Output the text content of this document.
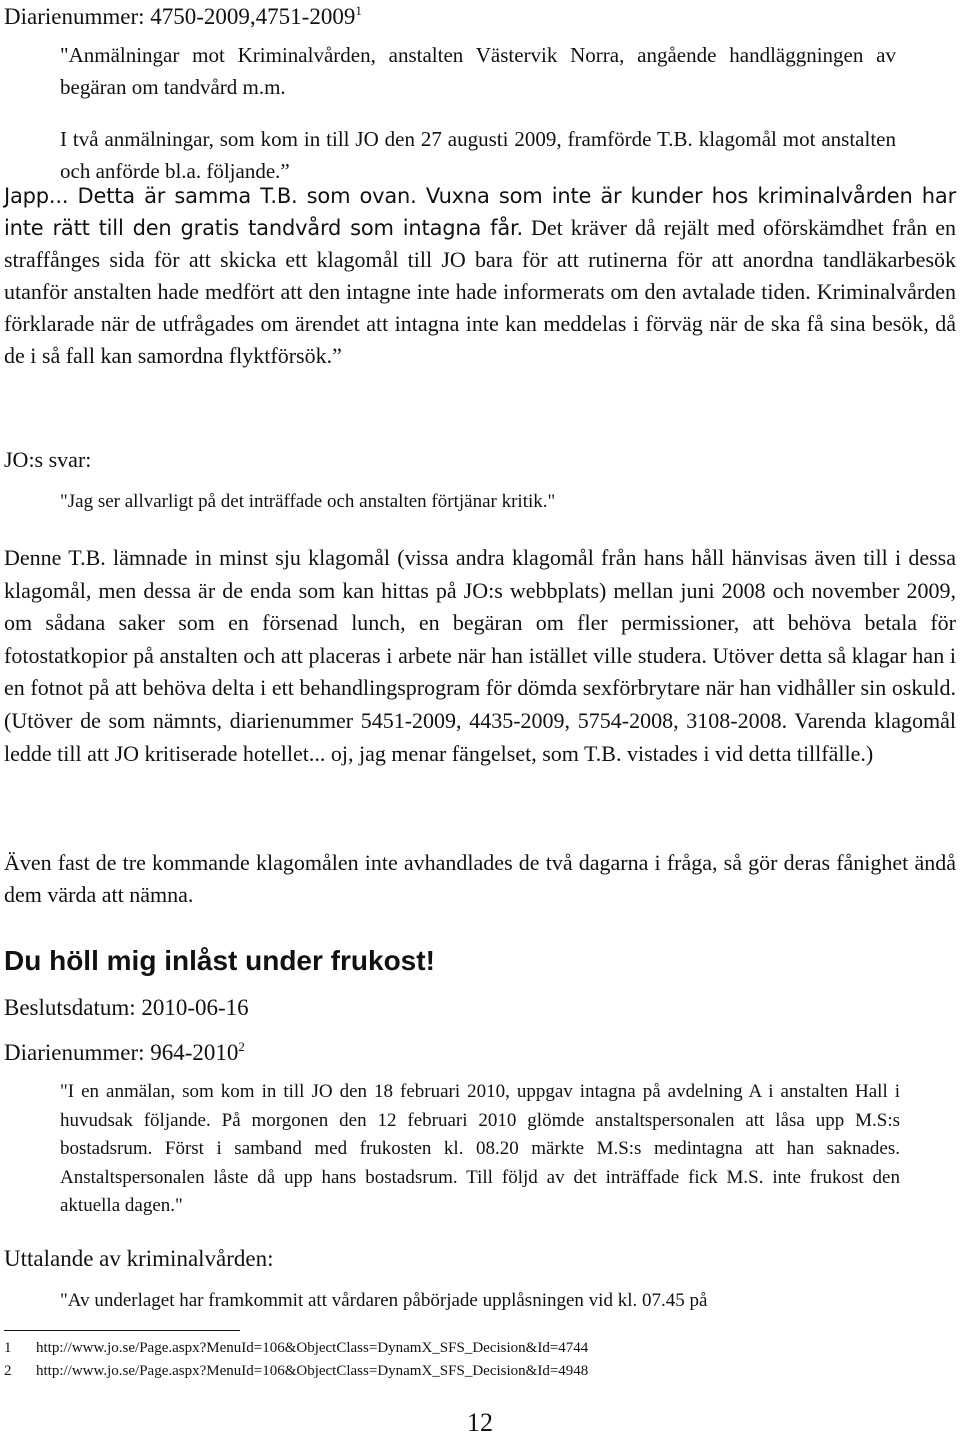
Diarienummer: 4750-2009,4751-2009$^1$

"Anmälningar mot Kriminalvården, anstalten Västervik Norra, angående handläggningen av begäran om tandvård m.m.

I två anmälningar, som kom in till JO den 27 augusti 2009, framförde T.B. klagomål mot anstalten och anförde bl.a. följande.”

Japp... Detta är samma T.B. som ovan. Vuxna som inte är kunder hos kriminalvården har inte rätt till den gratis tandvård som intagna får. Det kräver då rejält med oförskämdhet från en straffånges sida för att skicka ett klagomål till JO bara för att rutinerna för att anordna tandläkarbesök utanför anstalten hade medfört att den intagne inte hade informerats om den avtalade tiden. Kriminalvården förklarade när de utfrågades om ärendet att intagna inte kan meddelas i förväg när de ska få sina besök, då de i så fall kan samordna flyktförsök.”

JO:s svar:

"Jag ser allvarligt på det inträffade och anstalten förtjänar kritik."

Denne T.B. lämnade in minst sju klagomål (vissa andra klagomål från hans håll hänvisas även till i dessa klagomål, men dessa är de enda som kan hittas på JO:s webbplats) mellan juni 2008 och november 2009, om sådana saker som en försenad lunch, en begäran om fler permissioner, att behöva betala för fotostatkopior på anstalten och att placeras i arbete när han istället ville studera. Utöver detta så klagar han i en fotnot på att behöva delta i ett behandlingsprogram för dömda sexförbrytare när han vidhåller sin oskuld. (Utöver de som nämnts, diarienummer 5451-2009, 4435-2009, 5754-2008, 3108-2008. Varenda klagomål ledde till att JO kritiserade hotellet... oj, jag menar fängelset, som T.B. vistades i vid detta tillfälle.)

Även fast de tre kommande klagomålen inte avhandlades de två dagarna i fråga, så gör deras fånighet ändå dem värda att nämna.

Du höll mig inlåst under frukost!

Beslutsdatum: 2010-06-16

Diarienummer: 964-2010$^2$

"I en anmälan, som kom in till JO den 18 februari 2010, uppgav intagna på avdelning A i anstalten Hall i huvudsak följande. På morgonen den 12 februari 2010 glömde anstaltspersonalen att låsa upp M.S:s bostadsrum. Först i samband med frukosten kl. 08.20 märkte M.S:s medintagna att han saknades. Anstaltspersonalen låste då upp hans bostadsrum. Till följd av det inträffade fick M.S. inte frukost den aktuella dagen."

Uttalande av kriminalvården:

"Av underlaget har framkommit att vårdaren påbörjade upplåsningen vid kl. 07.45 på

1 http://www.jo.se/Page.aspx?MenuId=106&ObjectClass=DynamX_SFS_Decision&Id=4744
2 http://www.jo.se/Page.aspx?MenuId=106&ObjectClass=DynamX_SFS_Decision&Id=4948
12
